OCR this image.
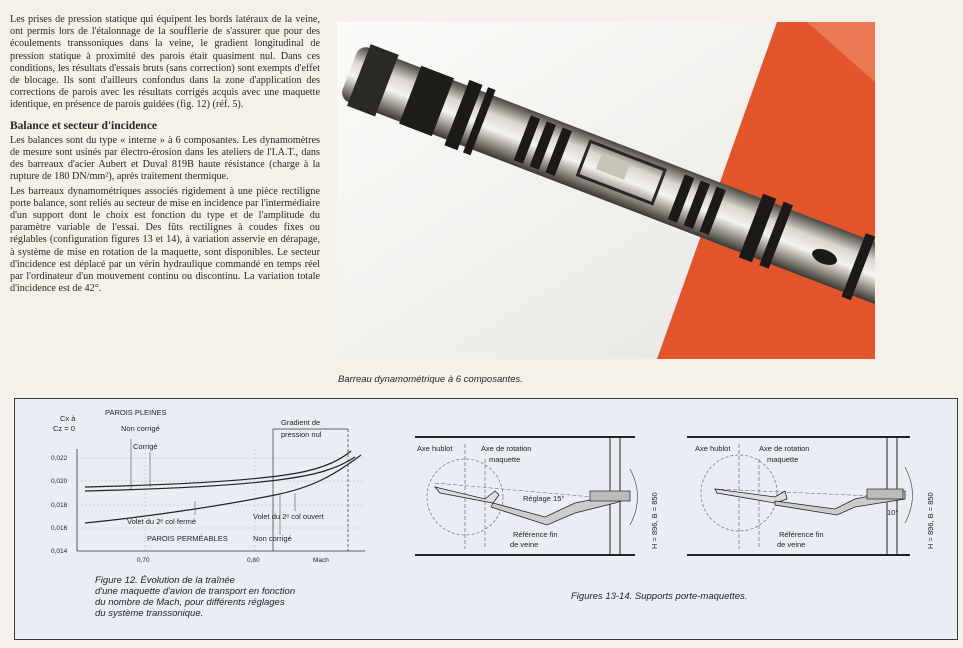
Les prises de pression statique qui équipent les bords latéraux de la veine, ont permis lors de l'étalonnage de la soufflerie de s'assurer que pour des écoulements transsoniques dans la veine, le gradient longitudinal de pression statique à proximité des parois était quasiment nul. Dans ces conditions, les résultats d'essais bruts (sans correction) sont exempts d'effet de blocage. Ils sont d'ailleurs confondus dans la zone d'application des corrections de parois avec les résultats corrigés acquis avec une maquette identique, en présence de parois guidées (fig. 12) (réf. 5).

Balance et secteur d'incidence

Les balances sont du type « interne » à 6 composantes. Les dynamomètres de mesure sont usinés par électro-érosion dans les ateliers de l'I.A.T., dans des barreaux d'acier Aubert et Duval 819B haute résistance (charge à la rupture de 180 DN/mm²), après traitement thermique.

Les barreaux dynamométriques associés rigidement à une pièce rectiligne porte balance, sont reliés au secteur de mise en incidence par l'intermédiaire d'un support dont le choix est fonction du type et de l'amplitude du paramètre variable de l'essai. Des fûts rectilignes à coudes fixes ou réglables (configuration figures 13 et 14), à variation asservie en dérapage, à système de mise en rotation de la maquette, sont disponibles. Le secteur d'incidence est déplacé par un vérin hydraulique commandé en temps réel par l'ordinateur d'un mouvement continu ou discontinu. La variation totale d'incidence est de 42°.

Barreau dynamométrique à 6 composantes.
Cx à
Cz = 0
PAROIS PLEINES
Non corrigé
Corrigé
Gradient de
pression nul
Volet du 2ᵉ col fermé
Volet du 2ᵉ col ouvert
PAROIS PERMÉABLES	Non corrigé
Mach
0,022
0,020
0,018
0,016
0,014
0,70	0,80
Axe hublot	Axe de rotation
maquette
Réglage 15°
Référence fin
de veine	H = 896, B = 850
Axe hublot	Axe de rotation
maquette
10°
Référence fin
de veine	H = 896, B = 850
Figure 12. Évolution de la traînée
d'une maquette d'avion de transport en fonction
du nombre de Mach, pour différents réglages
du système transsonique.
Figures 13-14. Supports porte-maquettes.
